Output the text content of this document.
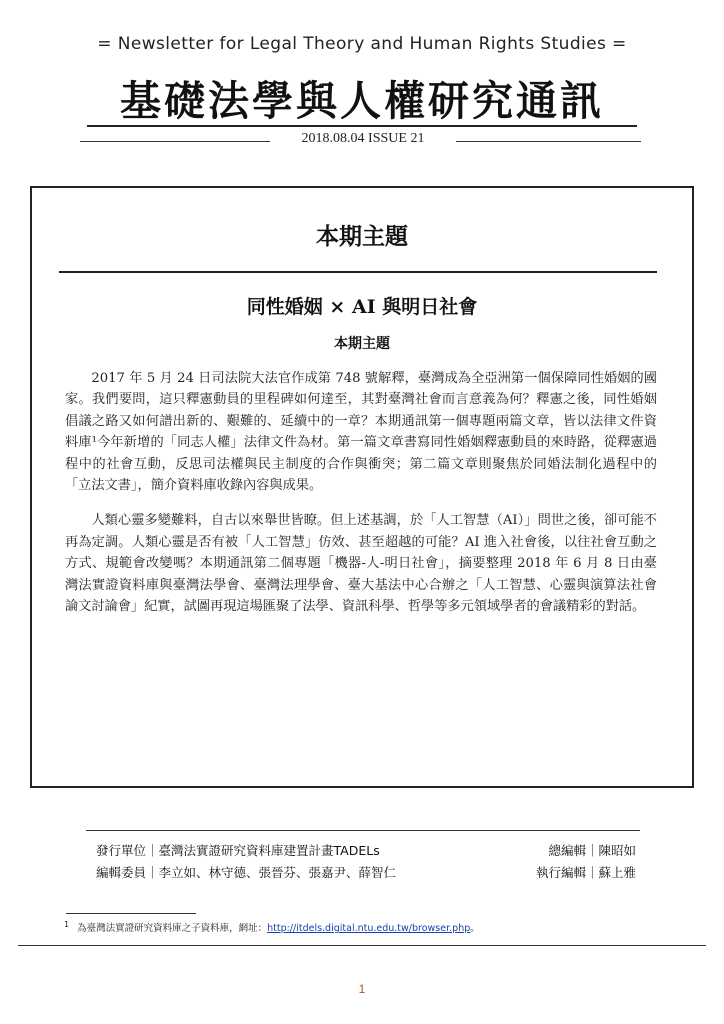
= Newsletter for Legal Theory and Human Rights Studies =
基礎法學與人權研究通訊
2018.08.04 ISSUE 21
本期主題
同性婚姻 × AI 與明日社會
本期主題

2017 年 5 月 24 日司法院大法官作成第 748 號解釋，臺灣成為全亞洲第一個保障同性婚姻的國家。我們要問，這只釋憲動員的里程碑如何達至，其對臺灣社會而言意義為何？釋憲之後，同性婚姻倡議之路又如何譜出新的、艱難的、延續中的一章？本期通訊第一個專題兩篇文章，皆以法律文件資料庫¹今年新增的「同志人權」法律文件為材。第一篇文章書寫同性婚姻釋憲動員的來時路，從釋憲過程中的社會互動，反思司法權與民主制度的合作與衝突；第二篇文章則聚焦於同婚法制化過程中的「立法文書」，簡介資料庫收錄內容與成果。

人類心靈多變難料，自古以來舉世皆瞭。但上述基調，於「人工智慧（AI）」問世之後，卻可能不再為定調。人類心靈是否有被「人工智慧」仿效、甚至超越的可能？AI 進入社會後，以往社會互動之方式、規範會改變嗎？本期通訊第二個專題「機器-人-明日社會」，摘要整理 2018 年 6 月 8 日由臺灣法實證資料庫與臺灣法學會、臺灣法理學會、臺大基法中心合辦之「人工智慧、心靈與演算法社會論文討論會」紀實，試圖再現這場匯聚了法學、資訊科學、哲學等多元領域學者的會議精彩的對話。

發行單位｜臺灣法實證研究資料庫建置計畫TADELs	總編輯｜陳昭如
編輯委員｜李立如、林守德、張晉芬、張嘉尹、薛智仁	執行編輯｜蘇上雅
$^1$ 為臺灣法實證研究資料庫之子資料庫，網址：http://itdels.digital.ntu.edu.tw/browser.php。
1
